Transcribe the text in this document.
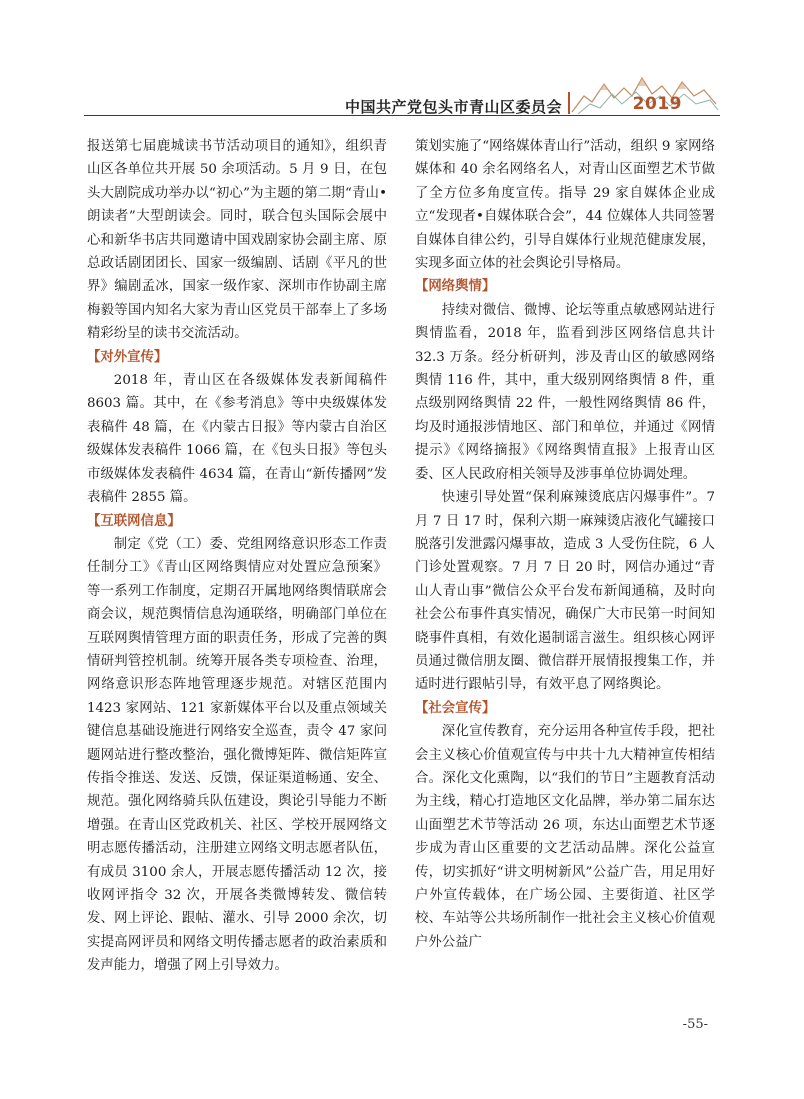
中国共产党包头市青山区委员会	2019

报送第七届鹿城读书节活动项目的通知》，组织青山区各单位共开展 50 余项活动。5 月 9 日，在包头大剧院成功举办以“初心”为主题的第二期“青山•朗读者”大型朗读会。同时，联合包头国际会展中心和新华书店共同邀请中国戏剧家协会副主席、原总政话剧团团长、国家一级编剧、话剧《平凡的世界》编剧孟冰，国家一级作家、深圳市作协副主席梅毅等国内知名大家为青山区党员干部奉上了多场精彩纷呈的读书交流活动。

【对外宣传】

2018 年，青山区在各级媒体发表新闻稿件 8603 篇。其中，在《参考消息》等中央级媒体发表稿件 48 篇，在《内蒙古日报》等内蒙古自治区级媒体发表稿件 1066 篇，在《包头日报》等包头市级媒体发表稿件 4634 篇，在青山“新传播网”发表稿件 2855 篇。

【互联网信息】

制定《党（工）委、党组网络意识形态工作责任制分工》《青山区网络舆情应对处置应急预案》等一系列工作制度，定期召开属地网络舆情联席会商会议，规范舆情信息沟通联络，明确部门单位在互联网舆情管理方面的职责任务，形成了完善的舆情研判管控机制。统筹开展各类专项检查、治理，网络意识形态阵地管理逐步规范。对辖区范围内 1423 家网站、121 家新媒体平台以及重点领域关键信息基础设施进行网络安全巡查，责令 47 家问题网站进行整改整治，强化微博矩阵、微信矩阵宣传指令推送、发送、反馈，保证渠道畅通、安全、规范。强化网络骑兵队伍建设，舆论引导能力不断增强。在青山区党政机关、社区、学校开展网络文明志愿传播活动，注册建立网络文明志愿者队伍，有成员 3100 余人，开展志愿传播活动 12 次，接收网评指令 32 次，开展各类微博转发、微信转发、网上评论、跟帖、灌水、引导 2000 余次，切实提高网评员和网络文明传播志愿者的政治素质和发声能力，增强了网上引导效力。

策划实施了“网络媒体青山行”活动，组织 9 家网络媒体和 40 余名网络名人，对青山区面塑艺术节做了全方位多角度宣传。指导 29 家自媒体企业成立“发现者•自媒体联合会”，44 位媒体人共同签署自媒体自律公约，引导自媒体行业规范健康发展，实现多面立体的社会舆论引导格局。

【网络舆情】

持续对微信、微博、论坛等重点敏感网站进行舆情监看，2018 年，监看到涉区网络信息共计 32.3 万条。经分析研判，涉及青山区的敏感网络舆情 116 件，其中，重大级别网络舆情 8 件，重点级别网络舆情 22 件，一般性网络舆情 86 件，均及时通报涉情地区、部门和单位，并通过《网情提示》《网络摘报》《网络舆情直报》上报青山区委、区人民政府相关领导及涉事单位协调处理。

快速引导处置“保利麻辣烫底店闪爆事件”。7 月 7 日 17 时，保利六期一麻辣烫店液化气罐接口脱落引发泄露闪爆事故，造成 3 人受伤住院，6 人门诊处置观察。7 月 7 日 20 时，网信办通过“青山人青山事”微信公众平台发布新闻通稿，及时向社会公布事件真实情况，确保广大市民第一时间知晓事件真相，有效化遏制谣言滋生。组织核心网评员通过微信朋友圈、微信群开展情报搜集工作，并适时进行跟帖引导，有效平息了网络舆论。

【社会宣传】

深化宣传教育，充分运用各种宣传手段，把社会主义核心价值观宣传与中共十九大精神宣传相结合。深化文化熏陶，以“我们的节日”主题教育活动为主线，精心打造地区文化品牌，举办第二届东达山面塑艺术节等活动 26 项，东达山面塑艺术节逐步成为青山区重要的文艺活动品牌。深化公益宣传，切实抓好“讲文明树新风”公益广告，用足用好户外宣传载体，在广场公园、主要街道、社区学校、车站等公共场所制作一批社会主义核心价值观户外公益广

-55-
